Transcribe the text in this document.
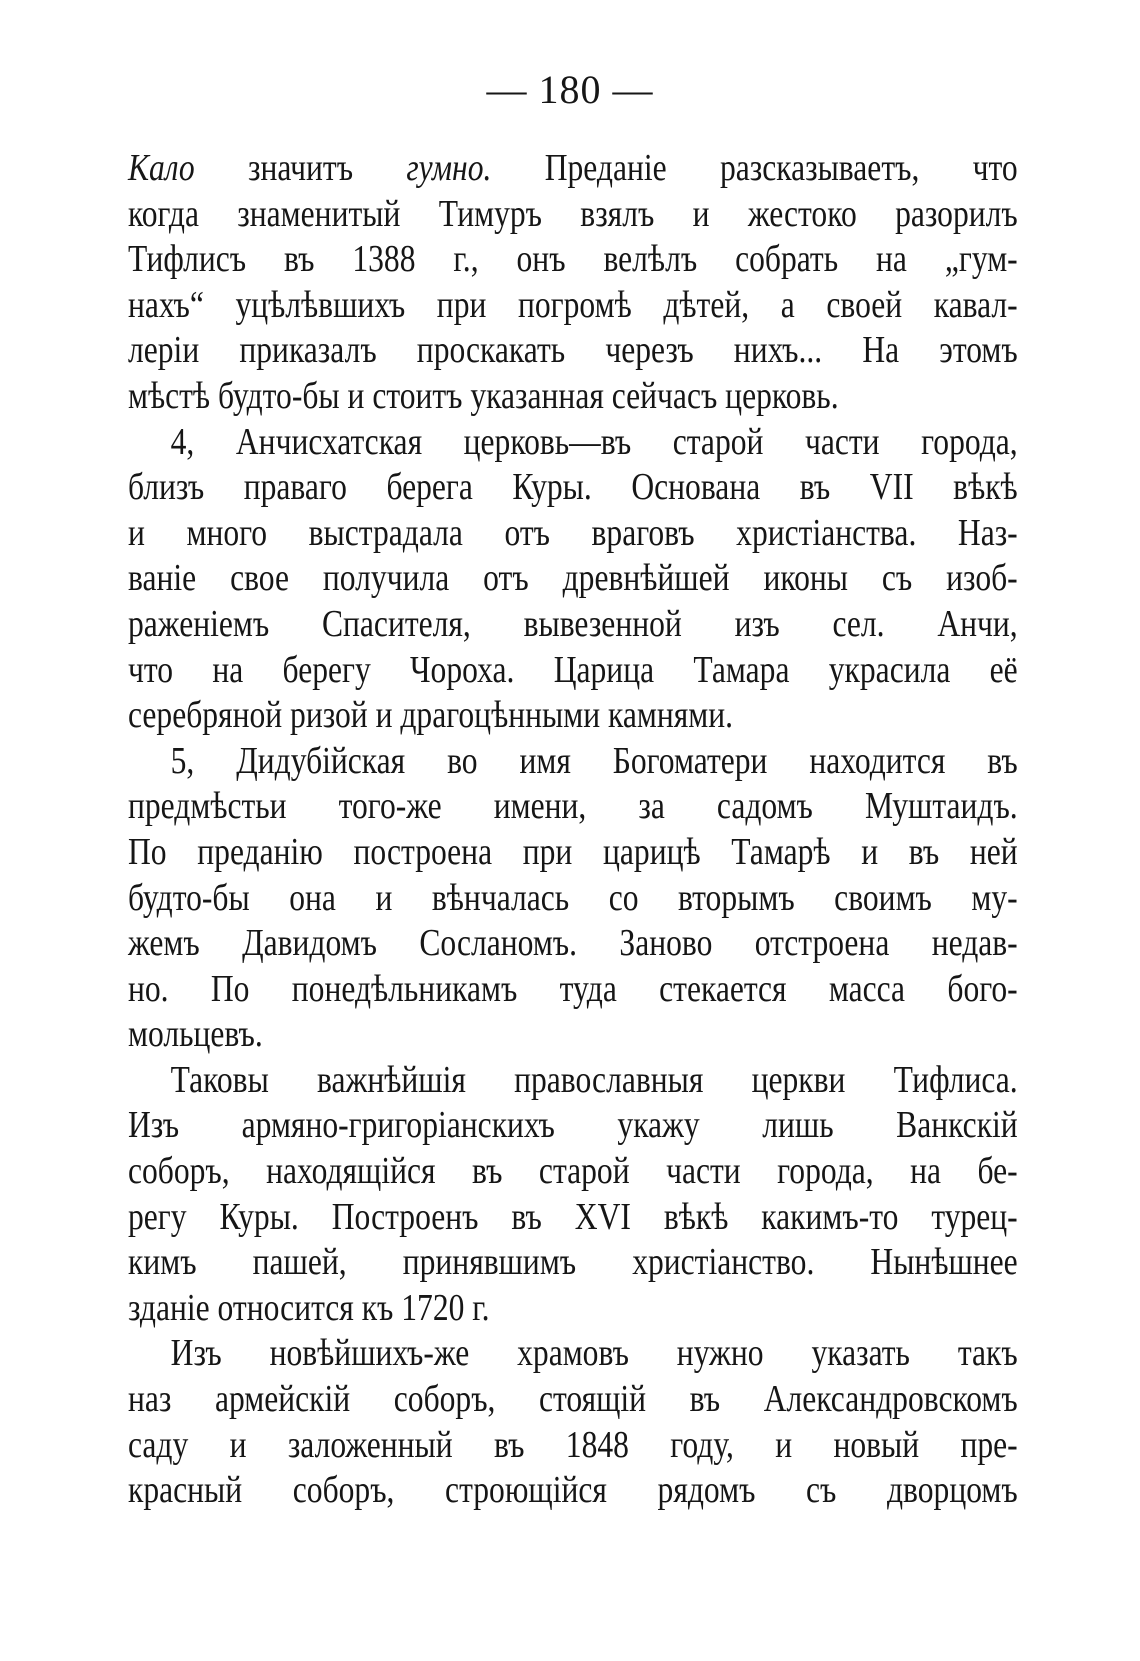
— 180 —
Кало значитъ гумно. Преданіе разсказываетъ, что
когда знаменитый Тимуръ взялъ и жестоко разорилъ
Тифлисъ въ 1388 г., онъ велѣлъ собрать на „гум-
нахъ“ уцѣлѣвшихъ при погромѣ дѣтей, а своей кавал-
леріи приказалъ проскакать черезъ нихъ... На этомъ
мѣстѣ будто-бы и стоитъ указанная сейчасъ церковь.
4, Анчисхатская церковь—въ старой части города,
близъ праваго берега Куры. Основана въ VII вѣкѣ
и много выстрадала отъ враговъ христіанства. Наз-
ваніе свое получила отъ древнѣйшей иконы съ изоб-
раженіемъ Спасителя, вывезенной изъ сел. Анчи,
что на берегу Чороха. Царица Тамара украсила её
серебряной ризой и драгоцѣнными камнями.
5, Дидубійская во имя Богоматери находится въ
предмѣстьи того-же имени, за садомъ Муштаидъ.
По преданію построена при царицѣ Тамарѣ и въ ней
будто-бы она и вѣнчалась со вторымъ своимъ му-
жемъ Давидомъ Сосланомъ. Заново отстроена недав-
но. По понедѣльникамъ туда стекается масса бого-
мольцевъ.
Таковы важнѣйшія православныя церкви Тифлиса.
Изъ армяно-григоріанскихъ укажу лишь Ванкскій
соборъ, находящійся въ старой части города, на бе-
регу Куры. Построенъ въ XVI вѣкѣ какимъ-то турец-
кимъ пашей, принявшимъ христіанство. Нынѣшнее
зданіе относится къ 1720 г.
Изъ новѣйшихъ-же храмовъ нужно указать такъ
наз армейскій соборъ, стоящій въ Александровскомъ
саду и заложенный въ 1848 году, и новый пре-
красный соборъ, строющійся рядомъ съ дворцомъ
